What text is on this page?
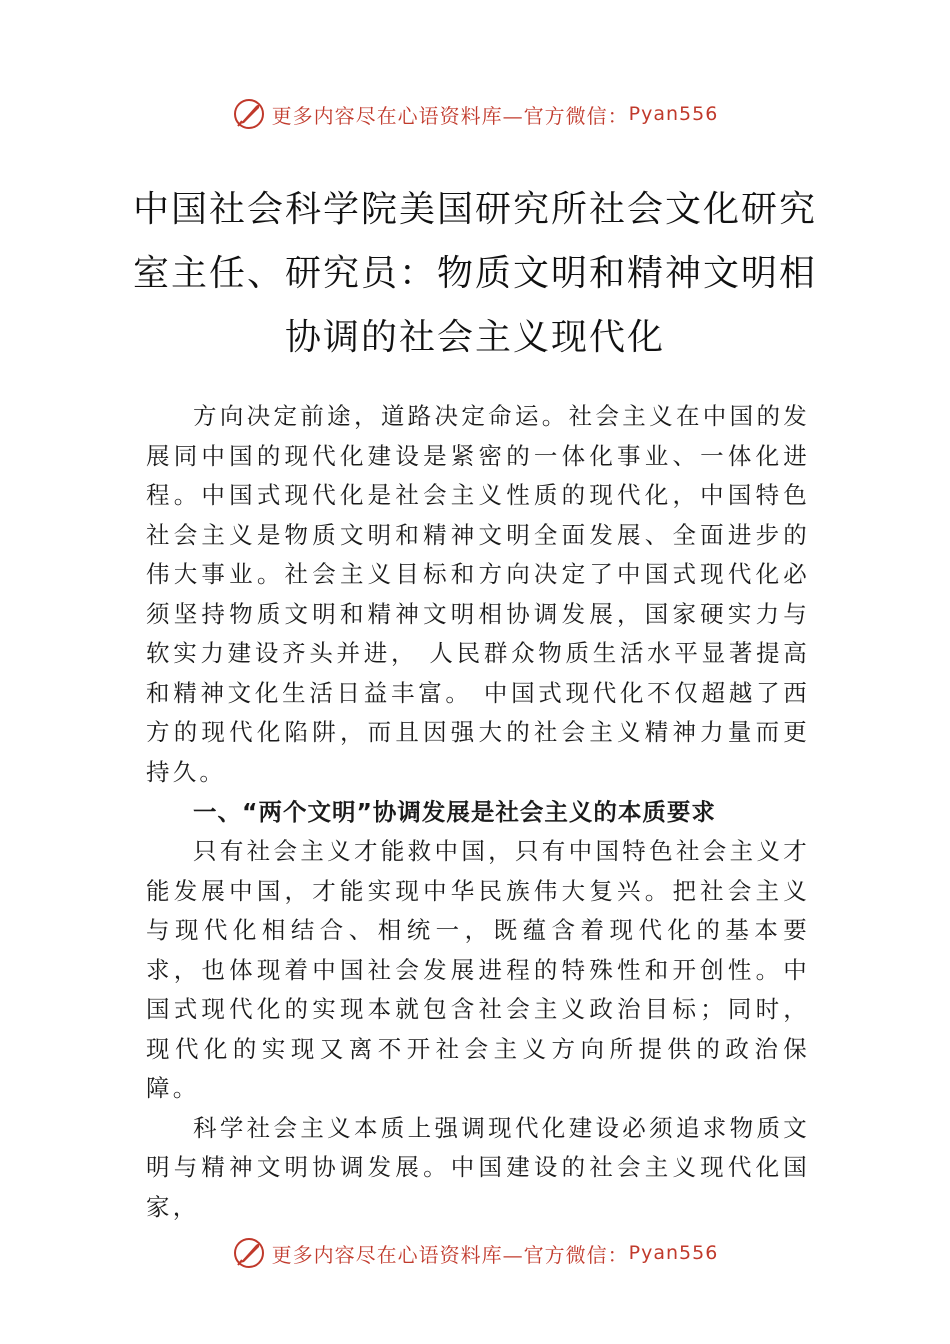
更多内容尽在心语资料库—官方微信： Pyan556
中国社会科学院美国研究所社会文化研究
室主任、研究员：物质文明和精神文明相
协调的社会主义现代化

方向决定前途，道路决定命运。社会主义在中国的发展同中国的现代化建设是紧密的一体化事业、一体化进程。中国式现代化是社会主义性质的现代化，中国特色社会主义是物质文明和精神文明全面发展、全面进步的伟大事业。社会主义目标和方向决定了中国式现代化必须坚持物质文明和精神文明相协调发展，国家硬实力与软实力建设齐头并进， 人民群众物质生活水平显著提高和精神文化生活日益丰富。 中国式现代化不仅超越了西方的现代化陷阱，而且因强大的社会主义精神力量而更持久。

一、“两个文明”协调发展是社会主义的本质要求

只有社会主义才能救中国，只有中国特色社会主义才能发展中国，才能实现中华民族伟大复兴。把社会主义与现代化相结合、相统一，既蕴含着现代化的基本要求，也体现着中国社会发展进程的特殊性和开创性。中国式现代化的实现本就包含社会主义政治目标；同时，现代化的实现又离不开社会主义方向所提供的政治保障。

科学社会主义本质上强调现代化建设必须追求物质文明与精神文明协调发展。中国建设的社会主义现代化国家，

更多内容尽在心语资料库—官方微信： Pyan556
